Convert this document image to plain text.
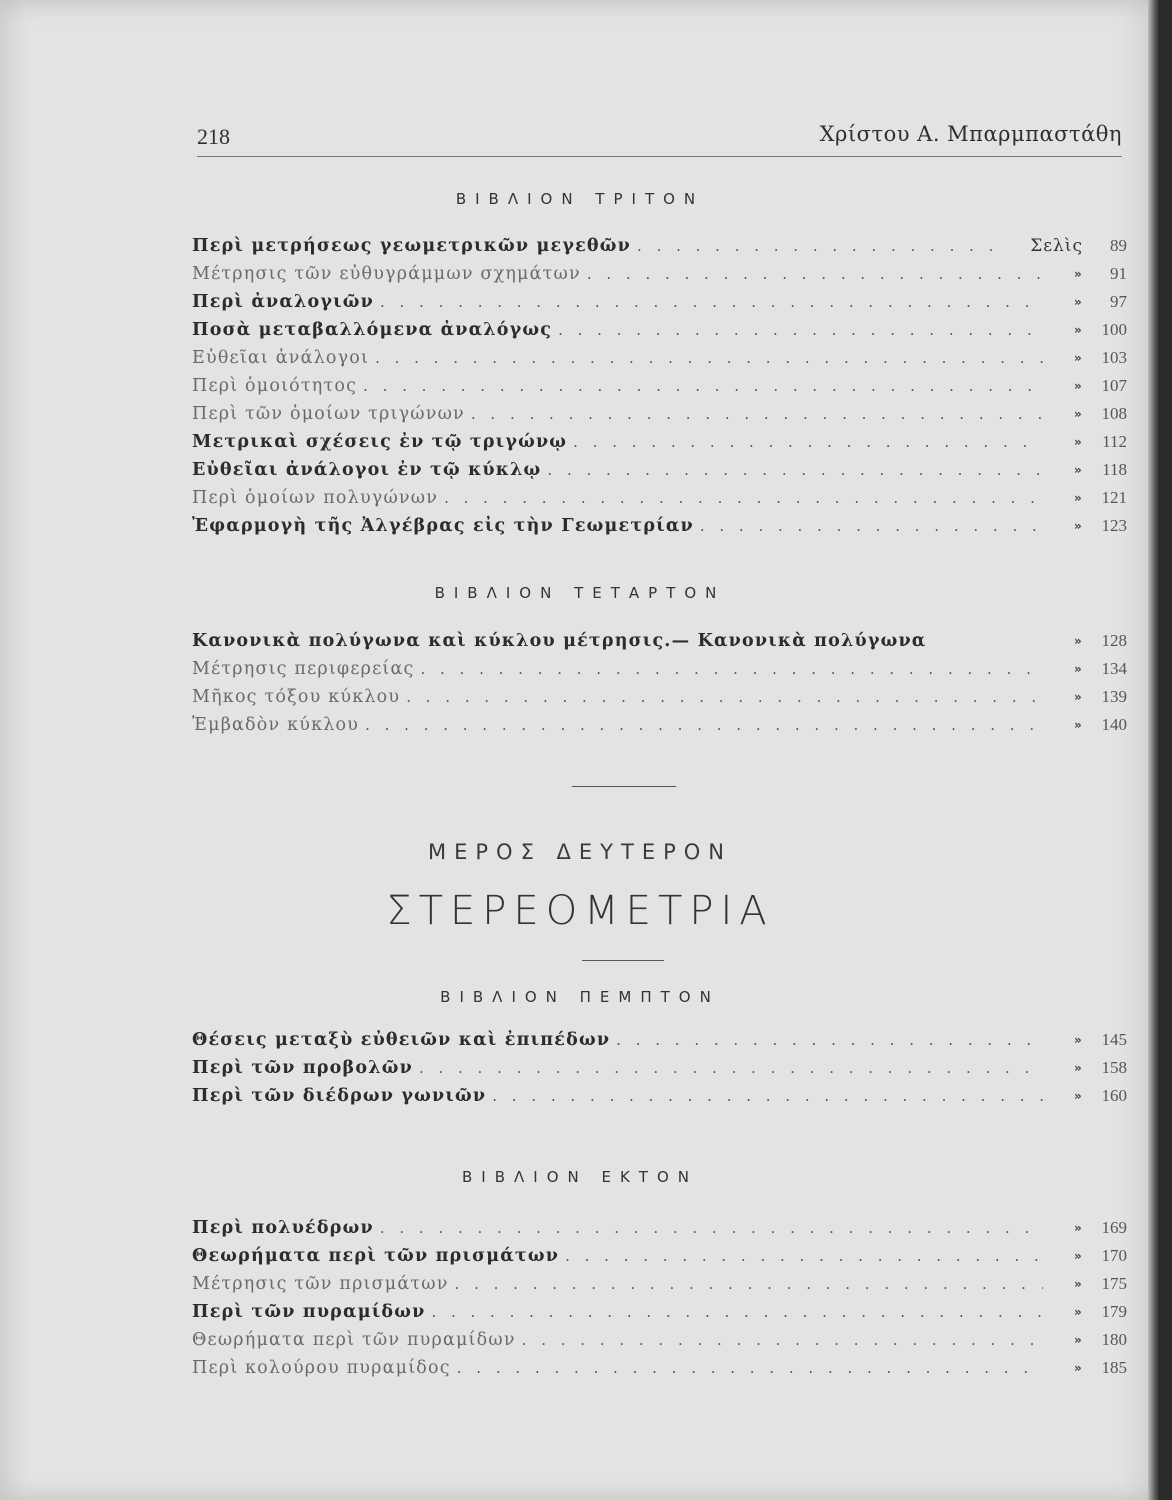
218	Χρίστου Α. Μπαρμπαστάθη
ΒΙΒΛΙΟΝ ΤΡΙΤΟΝ
Περὶ μετρήσεως γεωμετρικῶν μεγεθῶν . . .	Σελὶς	89
Μέτρησις τῶν εὐθυγράμμων σχημάτων . . .	»	91
Περὶ ἀναλογιῶν . . .	»	97
Ποσὰ μεταβαλλόμενα ἀναλόγως . . .	»	100
Εὐθεῖαι ἀνάλογοι . . .	»	103
Περὶ ὁμοιότητος . . .	»	107
Περὶ τῶν ὁμοίων τριγώνων . . .	»	108
Μετρικαὶ σχέσεις ἐν τῷ τριγώνῳ . . .	»	112
Εὐθεῖαι ἀνάλογοι ἐν τῷ κύκλῳ . . .	»	118
Περὶ ὁμοίων πολυγώνων . . .	»	121
Ἐφαρμογὴ τῆς Ἀλγέβρας εἰς τὴν Γεωμετρίαν . . .	»	123
ΒΙΒΛΙΟΝ ΤΕΤΑΡΤΟΝ
Κανονικὰ πολύγωνα καὶ κύκλου μέτρησις.— Κανονικὰ πολύγωνα	»	128
Μέτρησις περιφερείας . . .	»	134
Μῆκος τόξου κύκλου . . .	»	139
Ἐμβαδὸν κύκλου . . .	»	140
ΜΕΡΟΣ ΔΕΥΤΕΡΟΝ
ΣΤΕΡΕΟΜΕΤΡΙΑ
ΒΙΒΛΙΟΝ ΠΕΜΠΤΟΝ
Θέσεις μεταξὺ εὐθειῶν καὶ ἐπιπέδων . . .	»	145
Περὶ τῶν προβολῶν . . .	»	158
Περὶ τῶν διέδρων γωνιῶν . . .	»	160
ΒΙΒΛΙΟΝ ΕΚΤΟΝ
Περὶ πολυέδρων . . .	»	169
Θεωρήματα περὶ τῶν πρισμάτων . . .	»	170
Μέτρησις τῶν πρισμάτων . . .	»	175
Περὶ τῶν πυραμίδων . . .	»	179
Θεωρήματα περὶ τῶν πυραμίδων . . .	»	180
Περὶ κολούρου πυραμίδος . . .	»	185
